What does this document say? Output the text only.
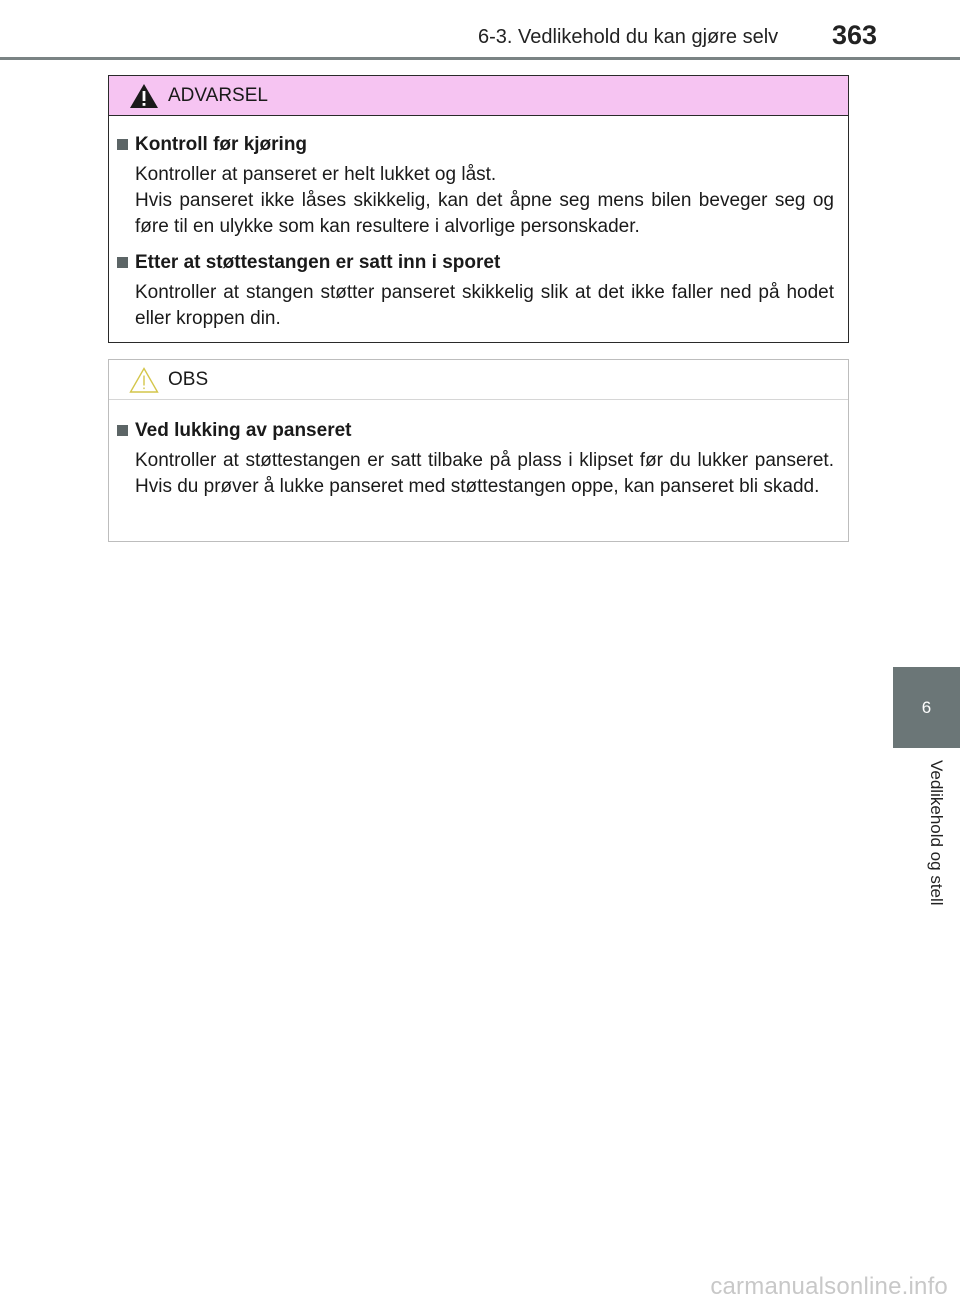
6-3. Vedlikehold du kan gjøre selv 363
6
Vedlikehold og stell
ADVARSEL
Kontroll før kjøring
Kontroller at panseret er helt lukket og låst.
Hvis panseret ikke låses skikkelig, kan det åpne seg mens bilen beveger seg og føre til en ulykke som kan resultere i alvorlige personskader.
Etter at støttestangen er satt inn i sporet
Kontroller at stangen støtter panseret skikkelig slik at det ikke faller ned på hodet eller kroppen din.
OBS
Ved lukking av panseret
Kontroller at støttestangen er satt tilbake på plass i klipset før du lukker panseret. Hvis du prøver å lukke panseret med støttestangen oppe, kan panseret bli skadd.
carmanualsonline.info
